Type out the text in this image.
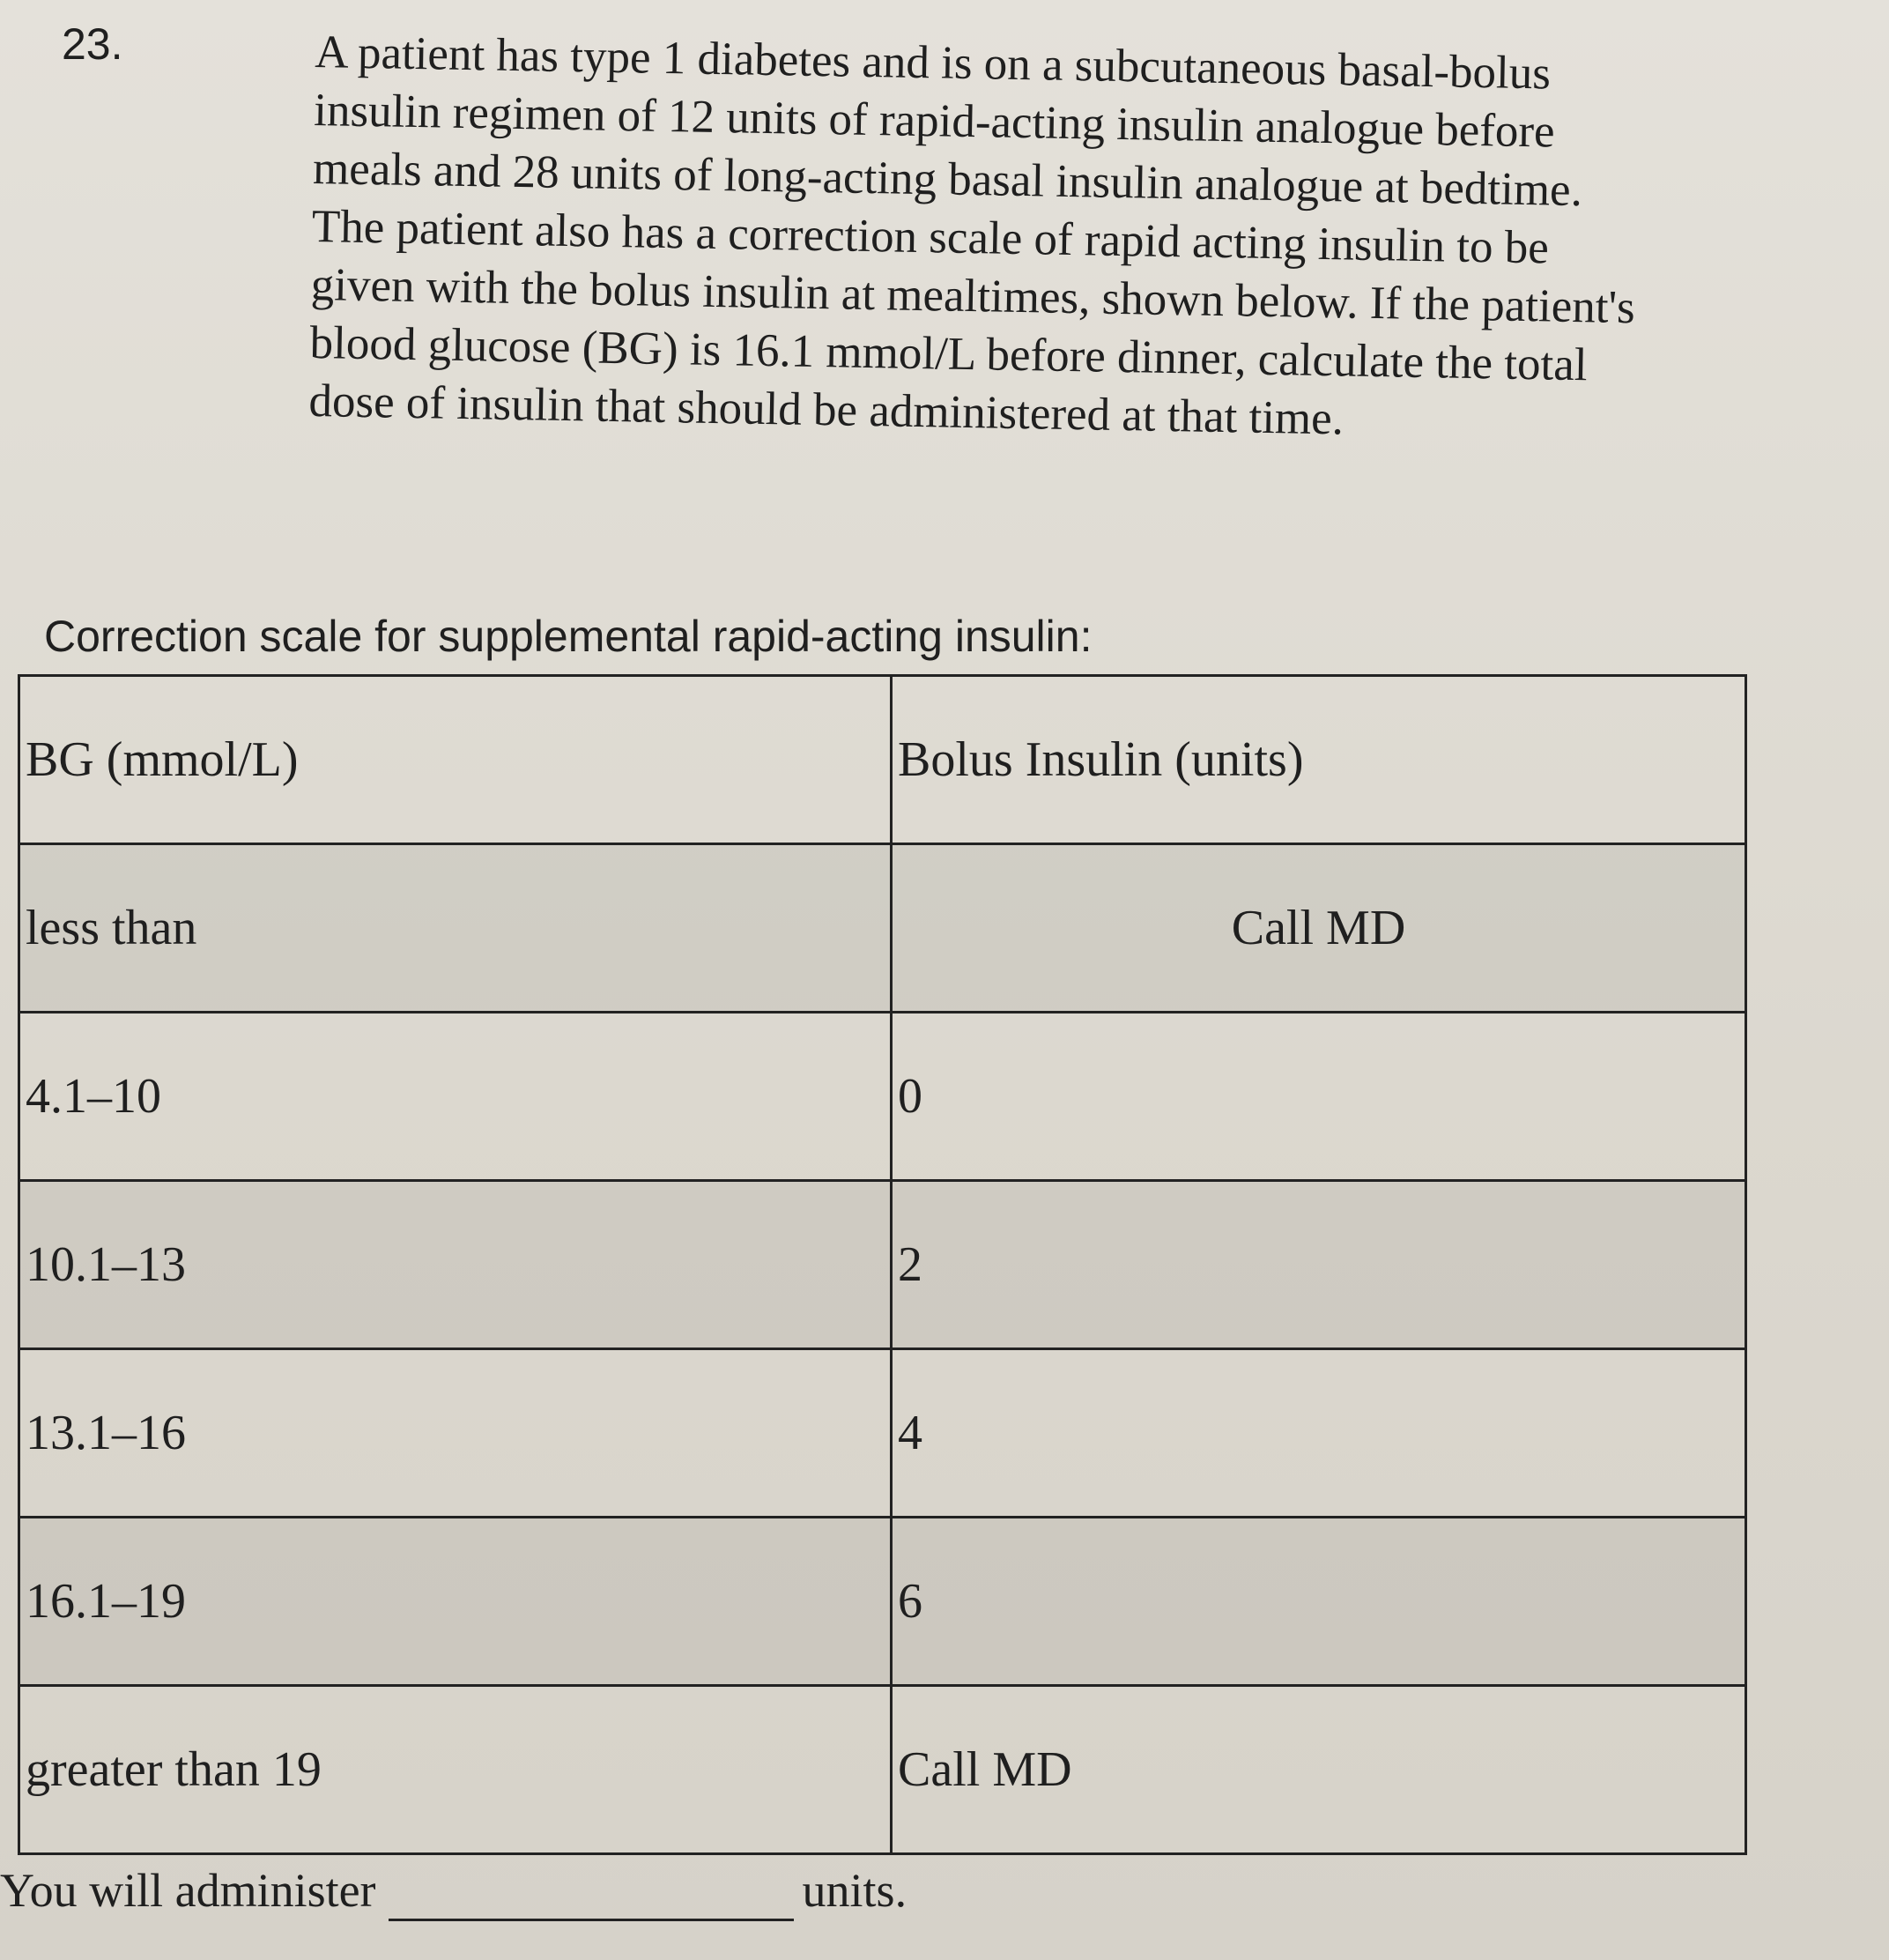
23.	A patient has type 1 diabetes and is on a subcutaneous basal-bolus
insulin regimen of 12 units of rapid-acting insulin analogue before
meals and 28 units of long-acting basal insulin analogue at bedtime.
The patient also has a correction scale of rapid acting insulin to be
given with the bolus insulin at mealtimes, shown below. If the patient's
blood glucose (BG) is 16.1 mmol/L before dinner, calculate the total
dose of insulin that should be administered at that time.

Correction scale for supplemental rapid-acting insulin:
BG (mmol/L)	Bolus Insulin (units)
less than	Call MD
4.1–10	0
10.1–13	2
13.1–16	4
16.1–19	6
greater than 19	Call MD
You will administer	units.
